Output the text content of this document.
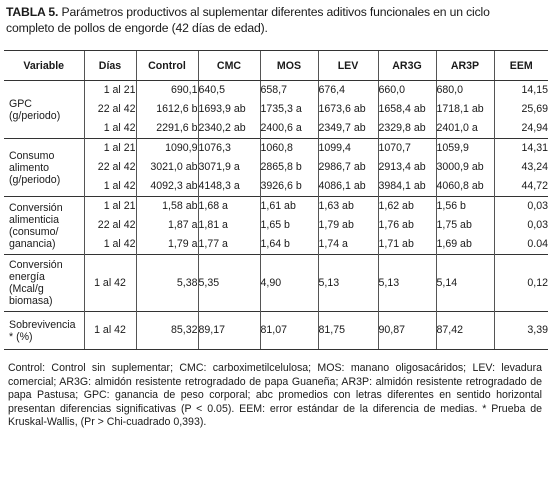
TABLA 5. Parámetros productivos al suplementar diferentes aditivos funcionales en un ciclo
completo de pollos de engorde (42 días de edad).
Variable	Días	Control	CMC	MOS	LEV	AR3G	AR3P	EEM
GPC
(g/periodo)	1 al 21	690,1	640,5	658,7	676,4	660,0	680,0	14,15
	22 al 42	1612,6 b	1693,9 ab	1735,3 a	1673,6 ab	1658,4 ab	1718,1 ab	25,69
	1 al 42	2291,6 b	2340,2 ab	2400,6 a	2349,7 ab	2329,8 ab	2401,0 a	24,94
Consumo
alimento
(g/periodo)	1 al 21	1090,9	1076,3	1060,8	1099,4	1070,7	1059,9	14,31
	22 al 42	3021,0 ab	3071,9 a	2865,8 b	2986,7 ab	2913,4 ab	3000,9 ab	43,24
	1 al 42	4092,3 ab	4148,3 a	3926,6 b	4086,1 ab	3984,1 ab	4060,8 ab	44,72
Conversión
alimenticia
(consumo/
ganancia)	1 al 21	1,58 ab	1,68 a	1,61 ab	1,63 ab	1,62 ab	1,56 b	0,03
	22 al 42	1,87 a	1,81 a	1,65 b	1,79 ab	1,76 ab	1,75 ab	0,03
	1 al 42	1,79 a	1,77 a	1,64 b	1,74 a	1,71 ab	1,69 ab	0.04
Conversión
energía
(Mcal/g
biomasa)	1 al 42	5,38	5,35	4,90	5,13	5,13	5,14	0,12
Sobrevivencia
* (%)	1 al 42	85,32	89,17	81,07	81,75	90,87	87,42	3,39
Control: Control sin suplementar; CMC: carboximetilcelulosa; MOS: manano oligosacáridos; LEV: levadura comercial; AR3G: almidón resistente retrogradado de papa Guaneña; AR3P: almidón resistente retrogradado de papa Pastusa; GPC: ganancia de peso corporal; abc promedios con letras diferentes en sentido horizontal presentan diferencias significativas (P < 0.05). EEM: error estándar de la diferencia de medias. * Prueba de Kruskal-Wallis, (Pr > Chi-cuadrado 0,393).
